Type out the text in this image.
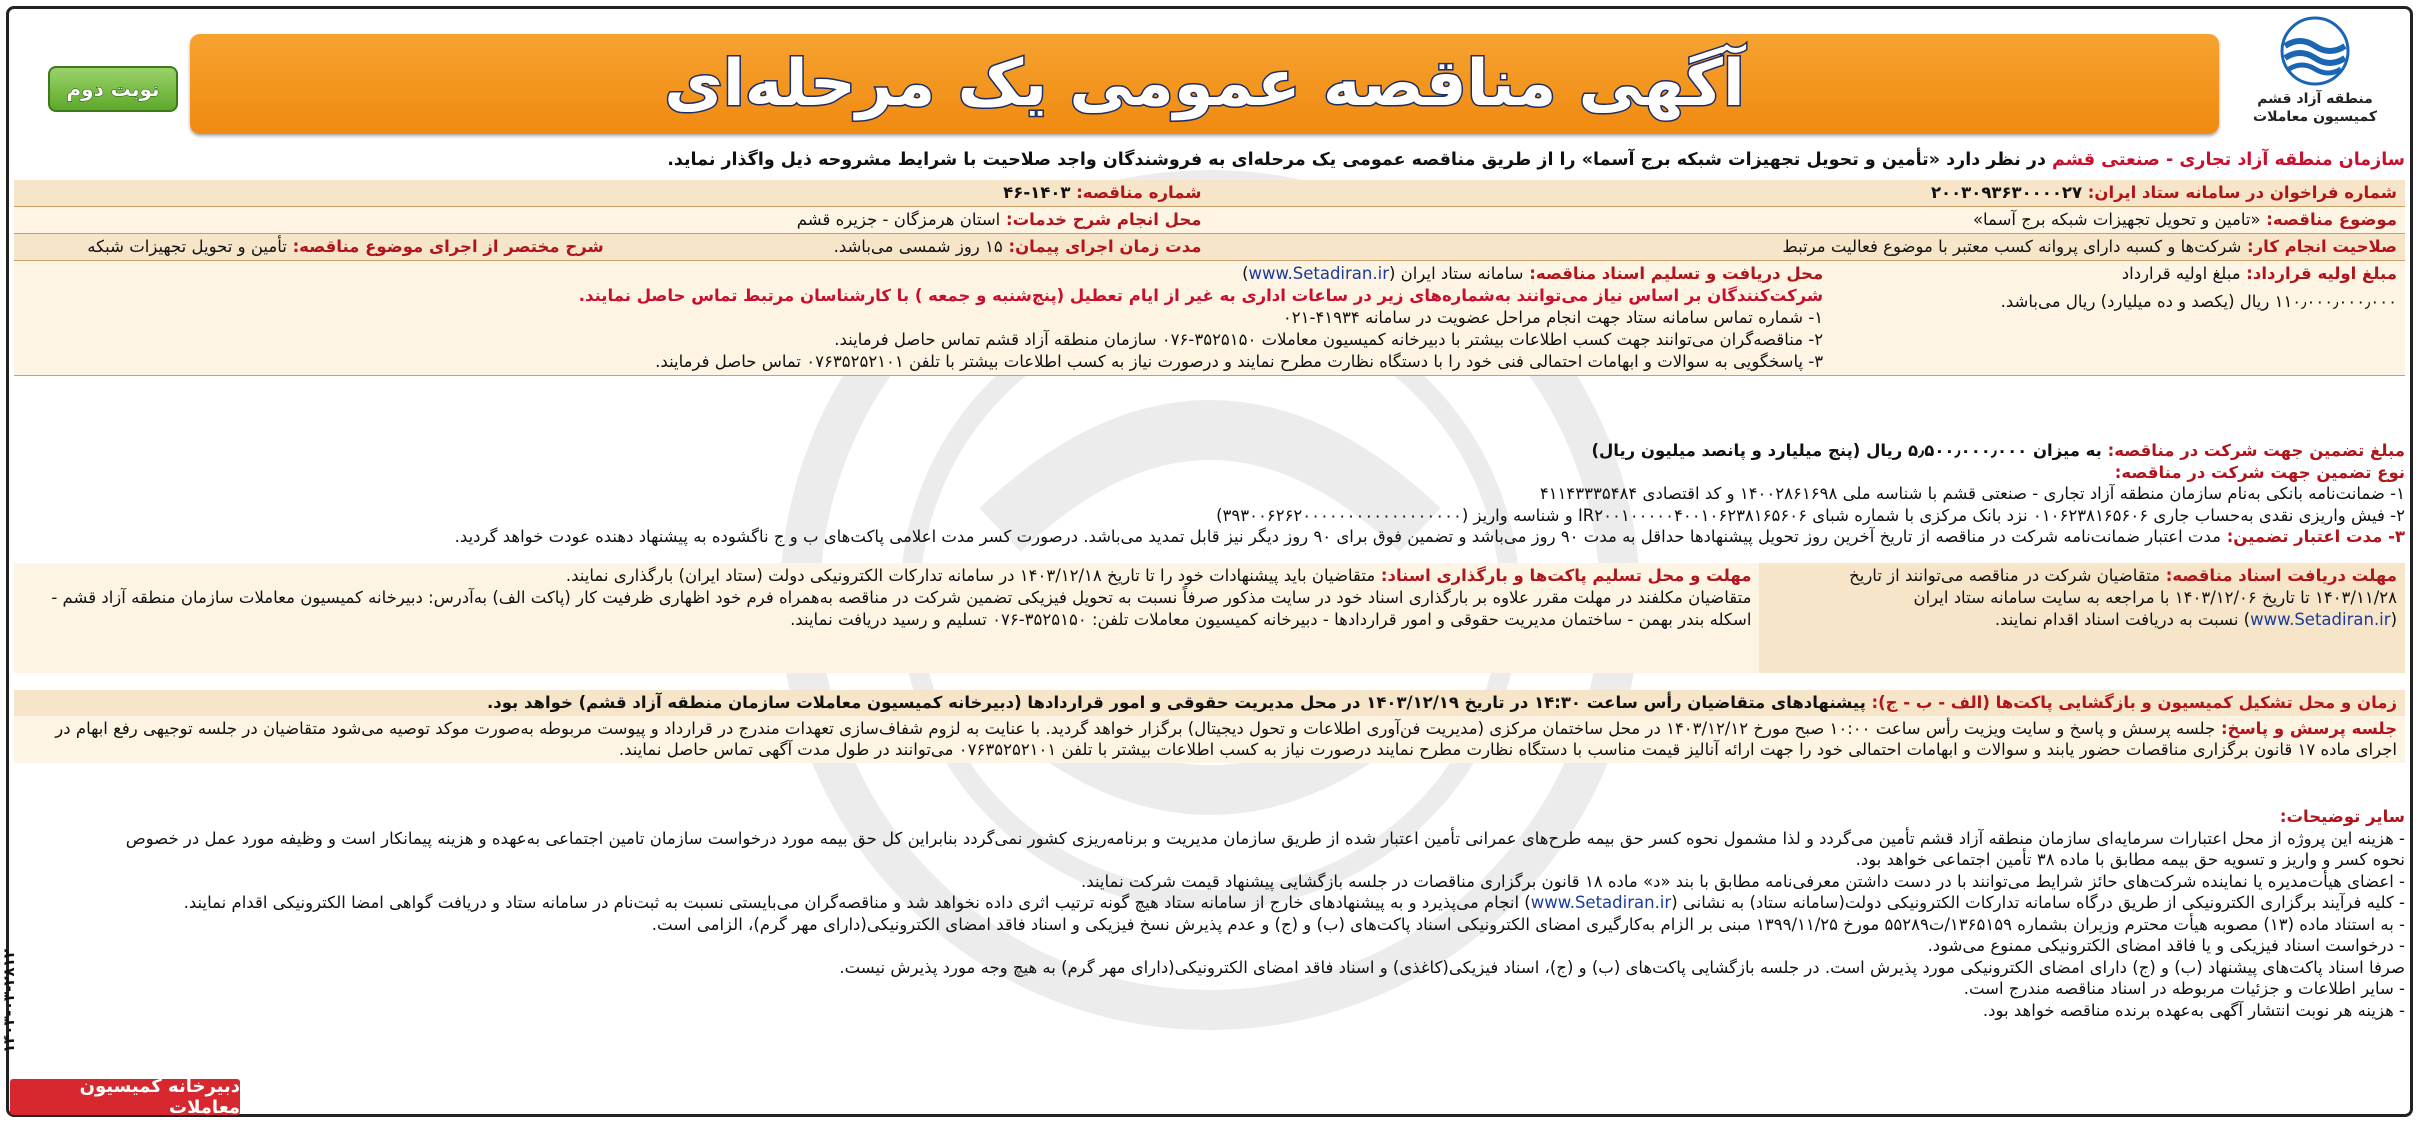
منطقه آزاد قشم
کمیسیون معاملات
آگهی مناقصه عمومی یک مرحله‌ای
نوبت دوم
سازمان منطقه آزاد تجاری - صنعتی قشم در نظر دارد «تأمین و تحویل تجهیزات شبکه برج آسما» را از طریق مناقصه عمومی یک مرحله‌ای به فروشندگان واجد صلاحیت با شرایط مشروحه ذیل واگذار نماید.
شماره فراخوان در سامانه ستاد ایران: ۲۰۰۳۰۹۳۶۳۰۰۰۰۲۷
شماره مناقصه: ۱۴۰۳-۴۶
موضوع مناقصه: «تامین و تحویل تجهیزات شبکه برج آسما»
محل انجام شرح خدمات: استان هرمزگان - جزیره قشم
صلاحیت انجام کار: شرکت‌ها و کسبه دارای پروانه کسب معتبر با موضوع فعالیت مرتبط
مدت زمان اجرای پیمان: ۱۵ روز شمسی می‌باشد.
شرح مختصر از اجرای موضوع مناقصه: تأمین و تحویل تجهیزات شبکه
مبلغ اولیه قرارداد: مبلغ اولیه قرارداد
۱۱۰٫۰۰۰٫۰۰۰٫۰۰۰ ریال (یکصد و ده میلیارد) ریال می‌باشد.
محل دریافت و تسلیم اسناد مناقصه: سامانه ستاد ایران (www.Setadiran.ir)
شرکت‌کنندگان بر اساس نیاز می‌توانند به‌شماره‌های زیر در ساعات اداری به غیر از ایام تعطیل (پنج‌شنبه و جمعه ) با کارشناسان مرتبط تماس حاصل نمایند.
۱- شماره تماس سامانه ستاد جهت انجام مراحل عضویت در سامانه ۴۱۹۳۴-۰۲۱
۲- مناقصه‌گران می‌توانند جهت کسب اطلاعات بیشتر با دبیرخانه کمیسیون معاملات ۳۵۲۵۱۵۰-۰۷۶ سازمان منطقه آزاد قشم تماس حاصل فرمایند.
۳- پاسخگویی به سوالات و ابهامات احتمالی فنی خود را با دستگاه نظارت مطرح نمایند و درصورت نیاز به کسب اطلاعات بیشتر با تلفن ۰۷۶۳۵۲۵۲۱۰۱ تماس حاصل فرمایند.
مبلغ تضمین جهت شرکت در مناقصه: به میزان ۵٫۵۰۰٫۰۰۰٫۰۰۰ ریال (پنج میلیارد و پانصد میلیون ریال)
نوع تضمین جهت شرکت در مناقصه:
۱- ضمانت‌نامه بانکی به‌نام سازمان منطقه آزاد تجاری - صنعتی قشم با شناسه ملی ۱۴۰۰۲۸۶۱۶۹۸ و کد اقتصادی ۴۱۱۴۳۳۳۵۴۸۴
۲- فیش واریزی نقدی به‌حساب جاری ۰۱۰۶۲۳۸۱۶۵۶۰۶ نزد بانک مرکزی با شماره شبای IR۲۰۰۱۰۰۰۰۰۴۰۰۱۰۶۲۳۸۱۶۵۶۰۶ و شناسه واریز (۳۹۳۰۰۶۲۶۲۰۰۰۰۰۰۰۰۰۰۰۰۰۰۰۰۰۰)
۳- مدت اعتبار تضمین: مدت اعتبار ضمانت‌نامه شرکت در مناقصه از تاریخ آخرین روز تحویل پیشنهادها حداقل به مدت ۹۰ روز می‌باشد و تضمین فوق برای ۹۰ روز دیگر نیز قابل تمدید می‌باشد. درصورت کسر مدت اعلامی پاکت‌های ب و ج ناگشوده به پیشنهاد دهنده عودت خواهد گردید.
مهلت دریافت اسناد مناقصه: متقاضیان شرکت در مناقصه می‌توانند از تاریخ ۱۴۰۳/۱۱/۲۸ تا تاریخ ۱۴۰۳/۱۲/۰۶ با مراجعه به سایت سامانه ستاد ایران (www.Setadiran.ir) نسبت به دریافت اسناد اقدام نمایند.
مهلت و محل تسلیم پاکت‌ها و بارگذاری اسناد: متقاضیان باید پیشنهادات خود را تا تاریخ ۱۴۰۳/۱۲/۱۸ در سامانه تدارکات الکترونیکی دولت (ستاد ایران) بارگذاری نمایند.
متقاضیان مکلفند در مهلت مقرر علاوه بر بارگذاری اسناد خود در سایت مذکور صرفاً نسبت به تحویل فیزیکی تضمین شرکت در مناقصه به‌همراه فرم خود اظهاری ظرفیت کار (پاکت الف) به‌آدرس: دبیرخانه کمیسیون معاملات سازمان منطقه آزاد قشم - اسکله بندر بهمن - ساختمان مدیریت حقوقی و امور قراردادها - دبیرخانه کمیسیون معاملات تلفن: ۳۵۲۵۱۵۰-۰۷۶ تسلیم و رسید دریافت نمایند.
زمان و محل تشکیل کمیسیون و بازگشایی پاکت‌ها (الف - ب - ج): پیشنهادهای متقاضیان رأس ساعت ۱۴:۳۰ در تاریخ ۱۴۰۳/۱۲/۱۹ در محل مدیریت حقوقی و امور قراردادها (دبیرخانه کمیسیون معاملات سازمان منطقه آزاد قشم) خواهد بود.
جلسه پرسش و پاسخ: جلسه پرسش و پاسخ و سایت ویزیت رأس ساعت ۱۰:۰۰ صبح مورخ ۱۴۰۳/۱۲/۱۲ در محل ساختمان مرکزی (مدیریت فن‌آوری اطلاعات و تحول دیجیتال) برگزار خواهد گردید. با عنایت به لزوم شفاف‌سازی تعهدات مندرج در قرارداد و پیوست مربوطه به‌صورت موکد توصیه می‌شود متقاضیان در جلسه توجیهی رفع ابهام در اجرای ماده ۱۷ قانون برگزاری مناقصات حضور یابند و سوالات و ابهامات احتمالی خود را جهت ارائه آنالیز قیمت مناسب با دستگاه نظارت مطرح نمایند درصورت نیاز به کسب اطلاعات بیشتر با تلفن ۰۷۶۳۵۲۵۲۱۰۱ می‌توانند در طول مدت آگهی تماس حاصل نمایند.
سایر توضیحات:
- هزینه این پروژه از محل اعتبارات سرمایه‌ای سازمان منطقه آزاد قشم تأمین می‌گردد و لذا مشمول نحوه کسر حق بیمه طرح‌های عمرانی تأمین اعتبار شده از طریق سازمان مدیریت و برنامه‌ریزی کشور نمی‌گردد بنابراین کل حق بیمه مورد درخواست سازمان تامین اجتماعی به‌عهده و هزینه پیمانکار است و وظیفه مورد عمل در خصوص نحوه کسر و واریز و تسویه حق بیمه مطابق با ماده ۳۸ تأمین اجتماعی خواهد بود.
- اعضای هیأت‌مدیره یا نماینده شرکت‌های حائز شرایط می‌توانند با در دست داشتن معرفی‌نامه مطابق با بند «د» ماده ۱۸ قانون برگزاری مناقصات در جلسه بازگشایی پیشنهاد قیمت شرکت نمایند.
- کلیه فرآیند برگزاری الکترونیکی از طریق درگاه سامانه تدارکات الکترونیکی دولت(سامانه ستاد) به نشانی (www.Setadiran.ir) انجام می‌پذیرد و به پیشنهادهای خارج از سامانه ستاد هیچ گونه ترتیب اثری داده نخواهد شد و مناقصه‌گران می‌بایستی نسبت به ثبت‌نام در سامانه ستاد و دریافت گواهی امضا الکترونیکی اقدام نمایند.
- به استناد ماده (۱۳) مصوبه هیأت محترم وزیران بشماره ۱۳۶۵۱۵۹/ت۵۵۲۸۹ مورخ ۱۳۹۹/۱۱/۲۵ مبنی بر الزام به‌کارگیری امضای الکترونیکی اسناد پاکت‌های (ب) و (ج) و عدم پذیرش نسخ فیزیکی و اسناد فاقد امضای الکترونیکی(دارای مهر گرم)، الزامی است.
- درخواست اسناد فیزیکی و یا فاقد امضای الکترونیکی ممنوع می‌شود.
صرفا اسناد پاکت‌های پیشنهاد (ب) و (ج) دارای امضای الکترونیکی مورد پذیرش است. در جلسه بازگشایی پاکت‌های (ب) و (ج)، اسناد فیزیکی(کاغذی) و اسناد فاقد امضای الکترونیکی(دارای مهر گرم) به هیچ وجه مورد پذیرش نیست.
- سایر اطلاعات و جزئیات مربوطه در اسناد مناقصه مندرج است.
- هزینه هر نوبت انتشار آگهی به‌عهده برنده مناقصه خواهد بود.
۱۴۰۳-۰۳-۲۸۱۲
دبیرخانه کمیسیون معاملات
